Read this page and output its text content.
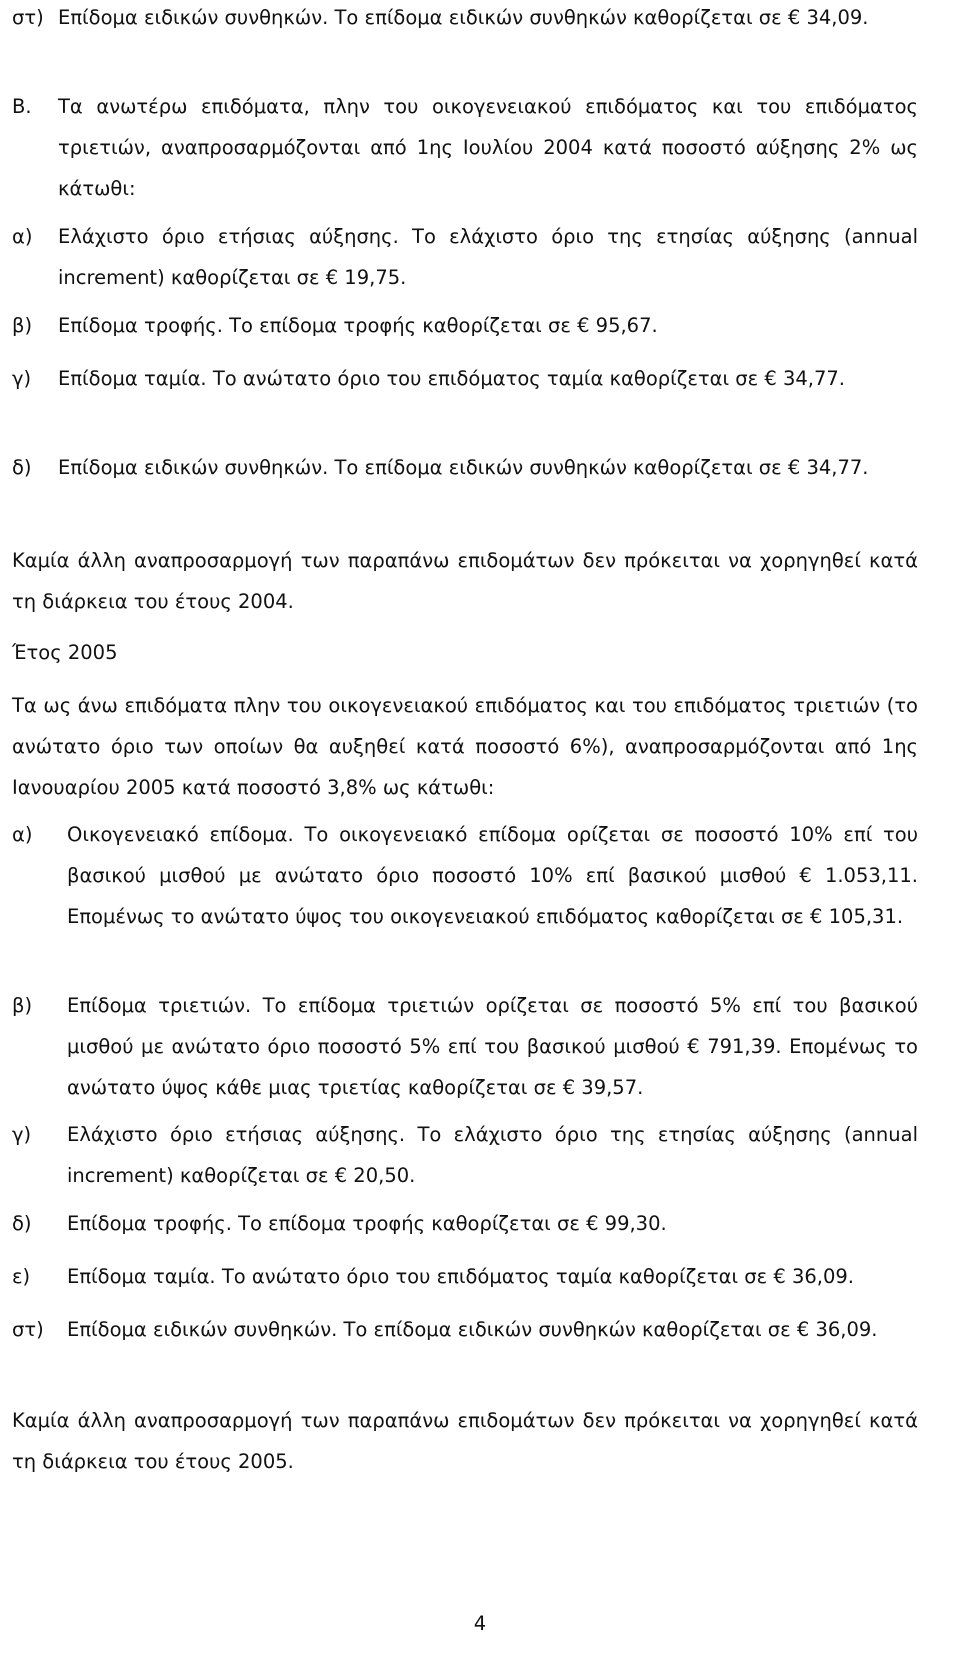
στ) Επίδομα ειδικών συνθηκών. Το επίδομα ειδικών συνθηκών καθορίζεται σε € 34,09.

Β.	Τα ανωτέρω επιδόματα, πλην του οικογενειακού επιδόματος και του επιδόματος τριετιών, αναπροσαρμόζονται από 1ης Ιουλίου 2004 κατά ποσοστό αύξησης 2% ως κάτωθι:

α)	Ελάχιστο όριο ετήσιας αύξησης. Το ελάχιστο όριο της ετησίας αύξησης (annual increment) καθορίζεται σε € 19,75.

β)	Επίδομα τροφής. Το επίδομα τροφής καθορίζεται σε € 95,67.

γ)	Επίδομα ταμία. Το ανώτατο όριο του επιδόματος ταμία καθορίζεται σε € 34,77.

δ)	Επίδομα ειδικών συνθηκών. Το επίδομα ειδικών συνθηκών καθορίζεται σε € 34,77.

Καμία άλλη αναπροσαρμογή των παραπάνω επιδομάτων δεν πρόκειται να χορηγηθεί κατά τη διάρκεια του έτους 2004.

Έτος 2005

Τα ως άνω επιδόματα πλην του οικογενειακού επιδόματος και του επιδόματος τριετιών (το ανώτατο όριο των οποίων θα αυξηθεί κατά ποσοστό 6%), αναπροσαρμόζονται από 1ης Ιανουαρίου 2005 κατά ποσοστό 3,8% ως κάτωθι:

α)	Οικογενειακό επίδομα. Το οικογενειακό επίδομα ορίζεται σε ποσοστό 10% επί του βασικού μισθού με ανώτατο όριο ποσοστό 10% επί βασικού μισθού € 1.053,11. Επομένως το ανώτατο ύψος του οικογενειακού επιδόματος καθορίζεται σε € 105,31.

β)	Επίδομα τριετιών. Το επίδομα τριετιών ορίζεται σε ποσοστό 5% επί του βασικού μισθού με ανώτατο όριο ποσοστό 5% επί του βασικού μισθού € 791,39. Επομένως το ανώτατο ύψος κάθε μιας τριετίας καθορίζεται σε € 39,57.

γ)	Ελάχιστο όριο ετήσιας αύξησης. Το ελάχιστο όριο της ετησίας αύξησης (annual increment) καθορίζεται σε € 20,50.

δ)	Επίδομα τροφής. Το επίδομα τροφής καθορίζεται σε € 99,30.

ε)	Επίδομα ταμία. Το ανώτατο όριο του επιδόματος ταμία καθορίζεται σε € 36,09.

στ)	Επίδομα ειδικών συνθηκών. Το επίδομα ειδικών συνθηκών καθορίζεται σε € 36,09.

Καμία άλλη αναπροσαρμογή των παραπάνω επιδομάτων δεν πρόκειται να χορηγηθεί κατά τη διάρκεια του έτους 2005.

4
